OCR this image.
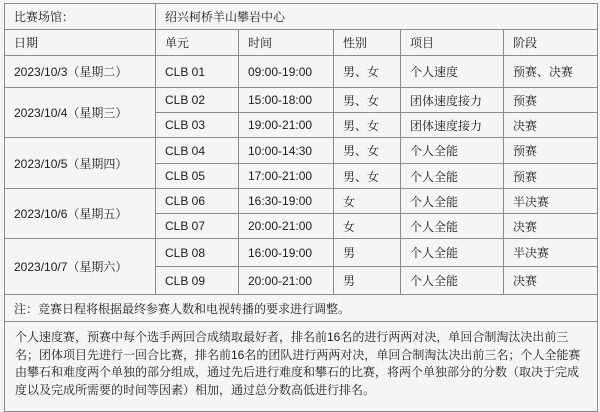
比赛场馆：	绍兴柯桥羊山攀岩中心				
日期	单元	时间	性别	项目	阶段
2023/10/3（星期二）	CLB 01	09:00-19:00	男、女	个人速度	预赛、决赛
2023/10/4（星期三）	CLB 02	15:00-18:00	男、女	团体速度接力	预赛
	CLB 03	19:00-21:00	男、女	团体速度接力	决赛
2023/10/5（星期四）	CLB 04	10:00-14:30	男、女	个人全能	预赛
	CLB 05	17:00-21:00	男、女	个人全能	预赛
2023/10/6（星期五）	CLB 06	16:30-19:00	女	个人全能	半决赛
	CLB 07	20:00-21:00	女	个人全能	决赛
2023/10/7（星期六）	CLB 08	16:00-19:00	男	个人全能	半决赛
	CLB 09	20:00-21:00	男	个人全能	决赛
注：竞赛日程将根据最终参赛人数和电视转播的要求进行调整。					
个人速度赛，预赛中每个选手两回合成绩取最好者，排名前16名的进行两两对决，单回合制淘汰决出前三名；团体项目先进行一回合比赛，排名前16名的团队进行两两对决，单回合制淘汰决出前三名；个人全能赛由攀石和难度两个单独的部分组成，通过先后进行难度和攀石的比赛，将两个单独部分的分数（取决于完成度以及完成所需要的时间等因素）相加，通过总分数高低进行排名。					
